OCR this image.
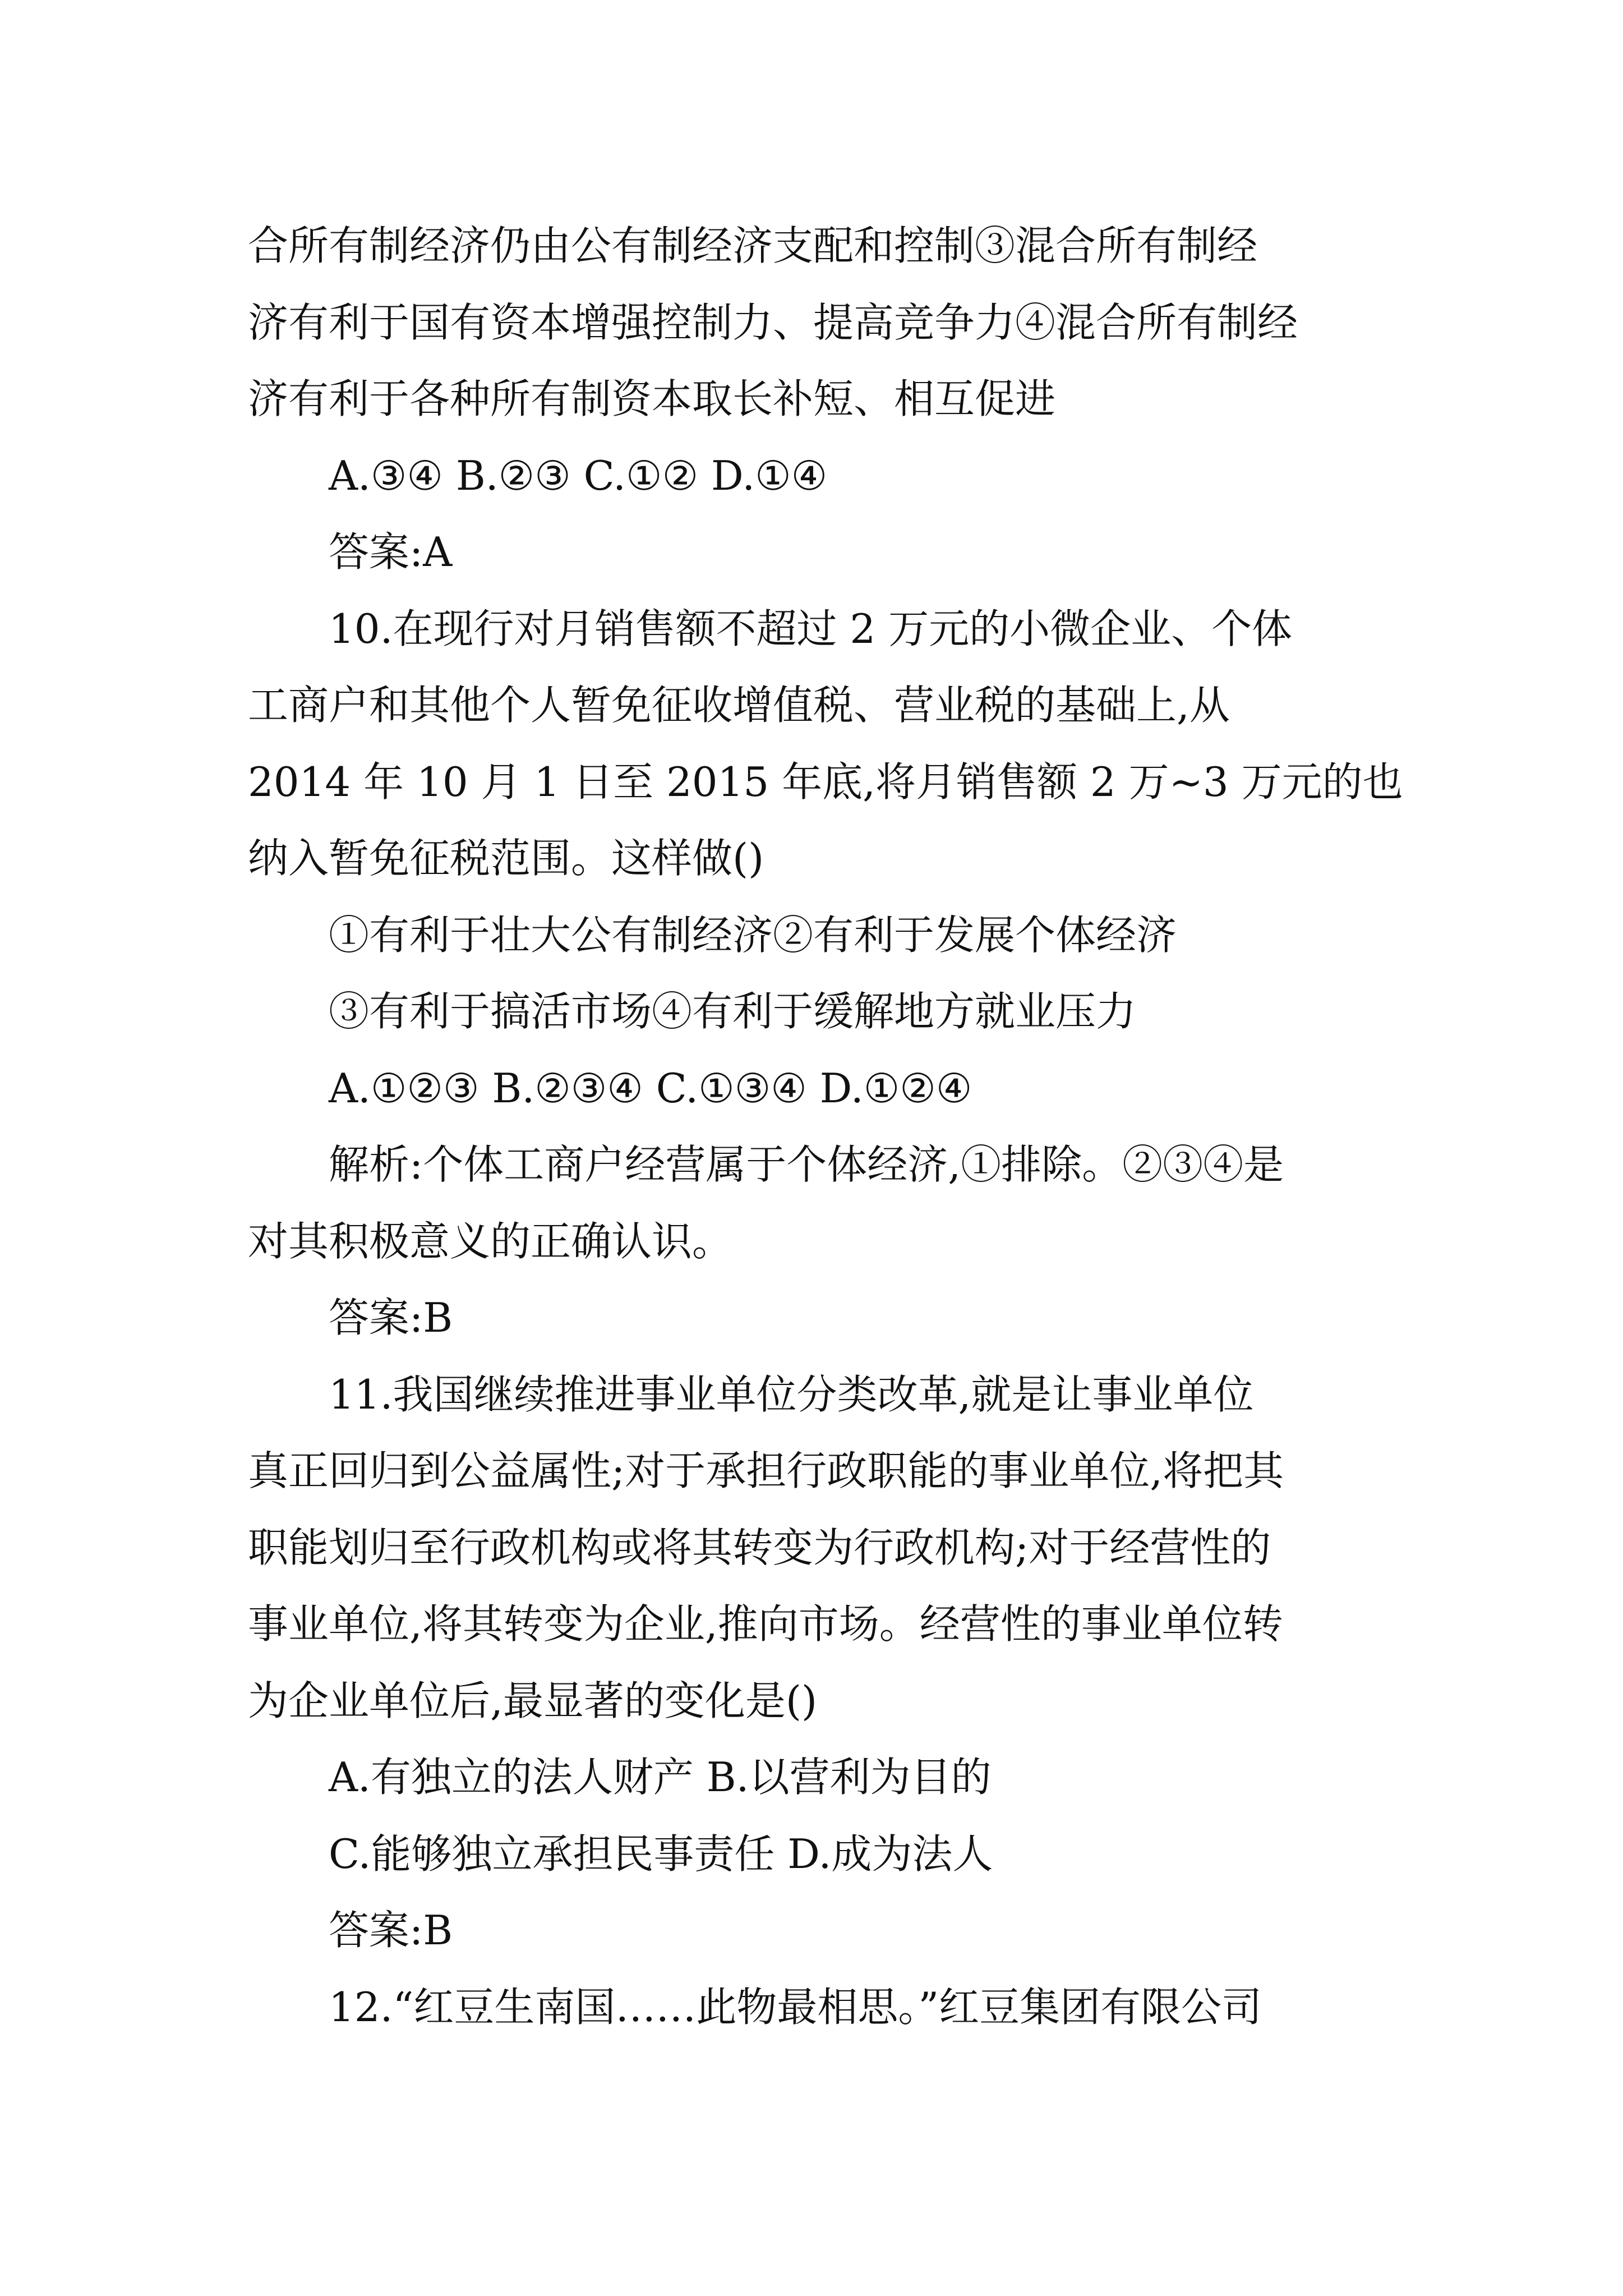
合所有制经济仍由公有制经济支配和控制③混合所有制经

济有利于国有资本增强控制力、提高竞争力④混合所有制经

济有利于各种所有制资本取长补短、相互促进

A.③④ B.②③ C.①② D.①④

答案:A

10.在现行对月销售额不超过 2 万元的小微企业、个体

工商户和其他个人暂免征收增值税、营业税的基础上,从

2014 年 10 月 1 日至 2015 年底,将月销售额 2 万~3 万元的也

纳入暂免征税范围。这样做()

①有利于壮大公有制经济②有利于发展个体经济

③有利于搞活市场④有利于缓解地方就业压力

A.①②③ B.②③④ C.①③④ D.①②④

解析:个体工商户经营属于个体经济,①排除。②③④是

对其积极意义的正确认识。

答案:B

11.我国继续推进事业单位分类改革,就是让事业单位

真正回归到公益属性;对于承担行政职能的事业单位,将把其

职能划归至行政机构或将其转变为行政机构;对于经营性的

事业单位,将其转变为企业,推向市场。经营性的事业单位转

为企业单位后,最显著的变化是()

A.有独立的法人财产 B.以营利为目的

C.能够独立承担民事责任 D.成为法人

答案:B

12.“红豆生南国……此物最相思。”红豆集团有限公司
